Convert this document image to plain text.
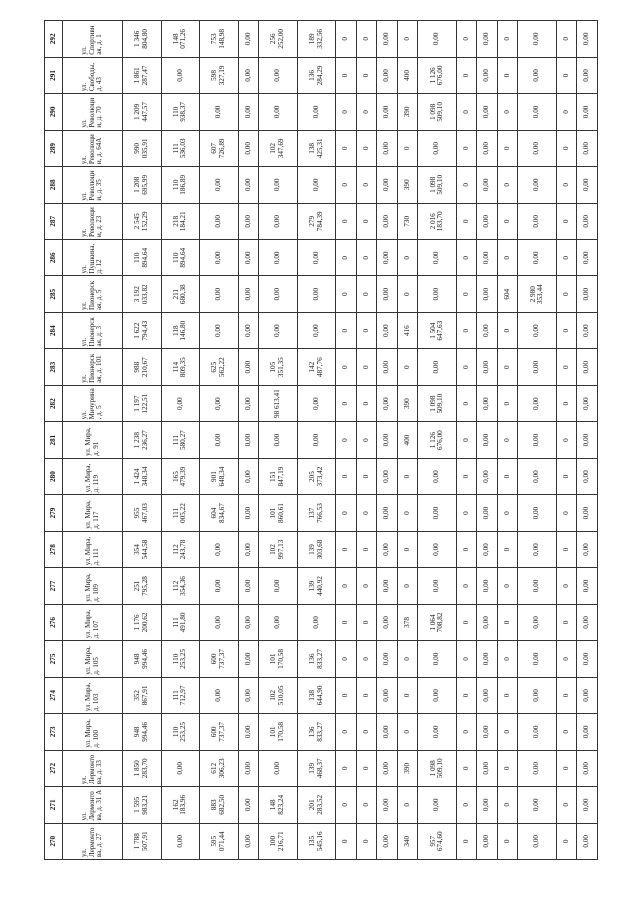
270	271	272	273	274	275	276	277	278	279	280	281	282	283	284	285	286	287	288	289	290	291	292
ул. Лермонтова, д. 27	ул. Лермонтова, д. 31 А	ул. Лермонтова, д. 33	ул. Мира, д. 100	ул. Мира, д. 103	ул. Мира, д. 105	ул. Мира, д. 107	ул. Мира, д. 109	ул. Мира, д. 111	ул. Мира, д. 117	ул. Мира, д. 119	ул. Мира, д. 91	ул. Мичурина, д. 5	ул. Пионерская, д. 101	ул. Пионерская, д. 3	ул. Пионерская, д. 5	ул. Пушкина, д. 12	ул. Революции, д. 23	ул. Революции, д. 35	ул. Революции, д. 64А	ул. Революции, д. 70	ул. Свободы, д. 43	ул. Спортивная, д. 1
1 788 507,91	1 595 983,21	1 850 283,70	948 994,46	352 867,91	948 994,46	1 176 200,62	251 795,28	354 544,58	955 467,03	1 424 348,34	1 238 236,27	1 197 122,51	988 210,67	1 622 794,43	3 192 033,82	110 894,64	2 545 152,29	1 208 695,99	990 035,91	1 209 447,57	1 861 287,47	1 346 804,80
0,00	162 183,96	0,00	110 253,25	111 712,97	110 253,25	111 491,80	112 354,36	112 243,78	111 005,22	165 479,39	111 580,27	0,00	114 809,35	118 146,80	211 680,38	110 894,64	218 184,21	110 186,89	111 536,03	110 938,37	0,00	148 071,26
595 071,44	883 682,50	612 306,23	600 737,37	0,00	600 737,37	0,00	0,00	0,00	604 834,67	901 648,34	0,00	0,00	625 562,22	0,00	0,00	0,00	0,00	0,00	607 726,89	0,00	598 327,19	753 148,98
0,00	0,00	0,00	0,00	0,00	0,00	0,00	0,00	0,00	0,00	0,00	0,00	0,00	0,00	0,00	0,00	0,00	0,00	0,00	0,00	0,00	0,00	0,00
100 216,71	148 823,24	0,00	101 170,58	102 510,05	101 170,58	0,00	0,00	102 997,13	101 860,61	151 847,19	0,00	98 613,41	105 351,35	0,00	0,00	0,00	0,00	0,00	102 347,69	0,00	0,00	256 252,00
135 545,16	201 283,52	139 468,37	136 833,27	138 644,90	136 833,27	0,00	139 440,92	139 303,68	137 766,53	205 373,42	0,00	0,00	142 487,76	0,00	0,00	0,00	279 784,39	0,00	138 425,31	0,00	136 284,29	189 332,56
0	0	0	0	0	0	0	0	0	0	0	0	0	0	0	0	0	0	0	0	0	0	0
0	0	0	0	0	0	0	0	0	0	0	0	0	0	0	0	0	0	0	0	0	0	0
0,00	0,00	0,00	0,00	0,00	0,00	0,00	0,00	0,00	0,00	0,00	0,00	0,00	0,00	0,00	0,00	0,00	0,00	0,00	0,00	0,00	0,00	0,00
340	0	390	0	0	0	378	0	0	0	0	400	390	0	416	0	0	730	390	0	390	400	0
957 674,60	0,00	1 098 509,10	0,00	0,00	0,00	1 064 708,82	0,00	0,00	0,00	0,00	1 126 676,00	1 098 509,10	0,00	1 504 647,63	0,00	0,00	2 016 183,70	1 098 509,10	0,00	1 098 509,10	1 126 676,00	0,00
0	0	0	0	0	0	0	0	0	0	0	0	0	0	0	0	0	0	0	0	0	0	0
0,00	0,00	0,00	0,00	0,00	0,00	0,00	0,00	0,00	0,00	0,00	0,00	0,00	0,00	0,00	0,00	0,00	0,00	0,00	0,00	0,00	0,00	0,00
0	0	0	0	0	0	0	0	0	0	0	0	0	0	0	604	0	0	0	0	0	0	0
0,00	0,00	0,00	0,00	0,00	0,00	0,00	0,00	0,00	0,00	0,00	0,00	0,00	0,00	0,00	2 980 353,44	0,00	0,00	0,00	0,00	0,00	0,00	0,00
0	0	0	0	0	0	0	0	0	0	0	0	0	0	0	0	0	0	0	0	0	0	0
0,00	0,00	0,00	0,00	0,00	0,00	0,00	0,00	0,00	0,00	0,00	0,00	0,00	0,00	0,00	0,00	0,00	0,00	0,00	0,00	0,00	0,00	0,00
